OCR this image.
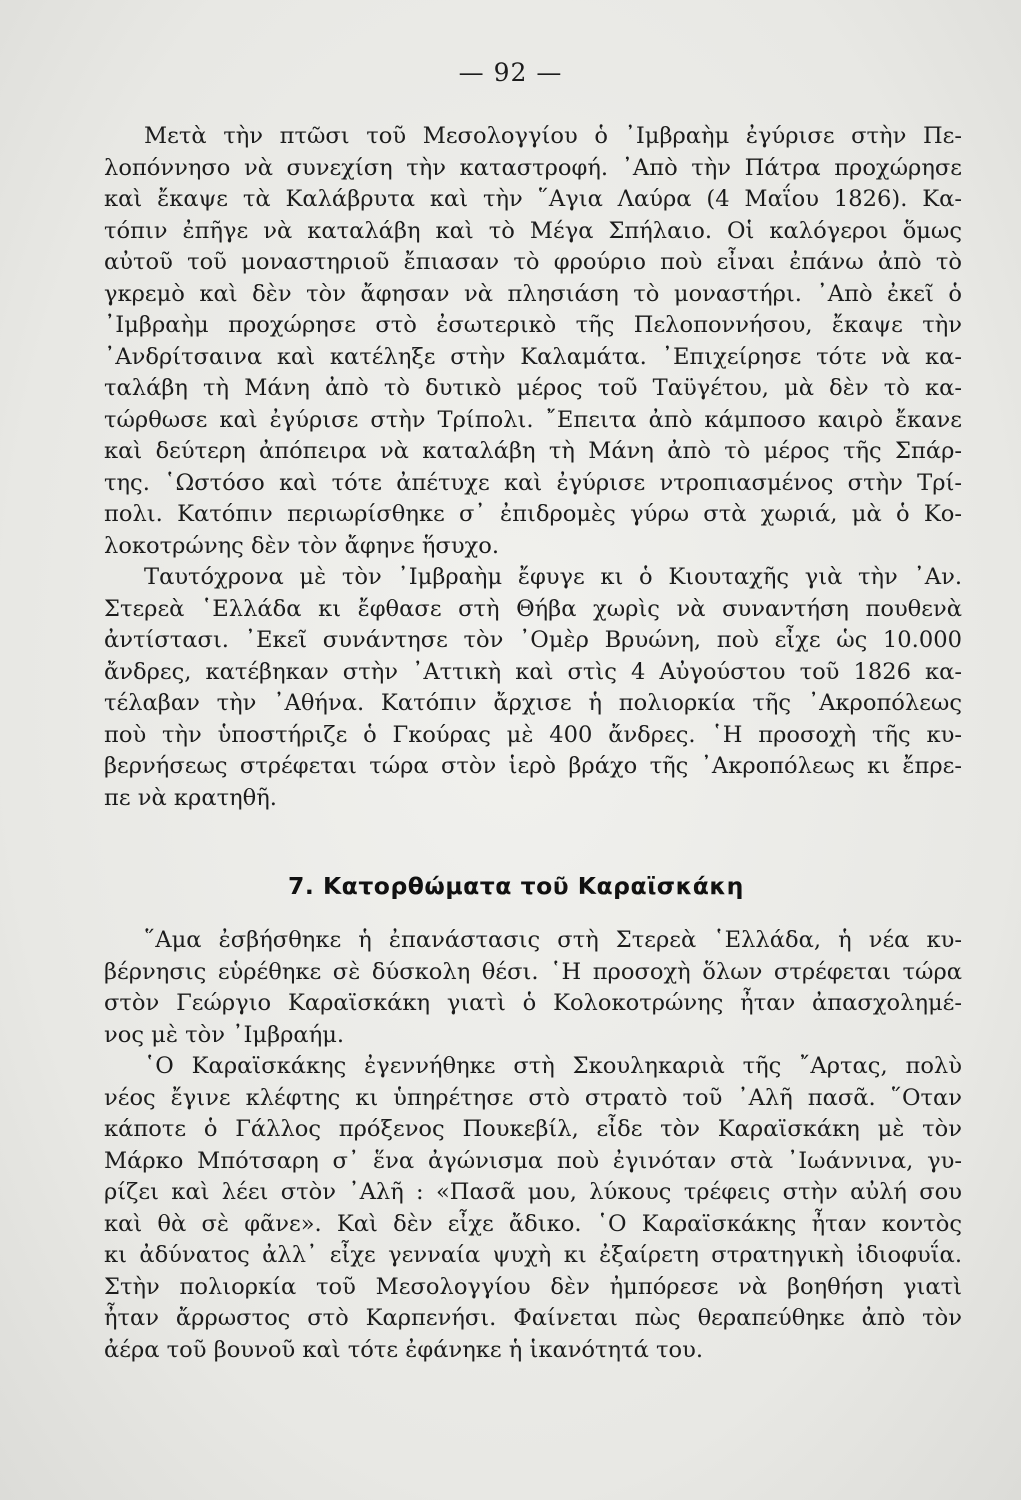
— 92 —
Μετὰ τὴν πτῶσι τοῦ Μεσολογγίου ὁ ᾿Ιμβραὴμ ἐγύρισε στὴν Πε-
λοπόννησο νὰ συνεχίση τὴν καταστροφή. ᾿Απὸ τὴν Πάτρα προχώρησε
καὶ ἔκαψε τὰ Καλάβρυτα καὶ τὴν ῞Αγια Λαύρα (4 Μαΐου 1826). Κα-
τόπιν ἐπῆγε νὰ καταλάβη καὶ τὸ Μέγα Σπήλαιο. Οἱ καλόγεροι ὅμως
αὐτοῦ τοῦ μοναστηριοῦ ἔπιασαν τὸ φρούριο ποὺ εἶναι ἐπάνω ἀπὸ τὸ
γκρεμὸ καὶ δὲν τὸν ἄφησαν νὰ πλησιάση τὸ μοναστήρι. ᾿Απὸ ἐκεῖ ὁ
᾿Ιμβραὴμ προχώρησε στὸ ἐσωτερικὸ τῆς Πελοποννήσου, ἔκαψε τὴν
᾿Ανδρίτσαινα καὶ κατέληξε στὴν Καλαμάτα. ᾿Επιχείρησε τότε νὰ κα-
ταλάβη τὴ Μάνη ἀπὸ τὸ δυτικὸ μέρος τοῦ Ταϋγέτου, μὰ δὲν τὸ κα-
τώρθωσε καὶ ἐγύρισε στὴν Τρίπολι. ῎Επειτα ἀπὸ κάμποσο καιρὸ ἔκανε
καὶ δεύτερη ἀπόπειρα νὰ καταλάβη τὴ Μάνη ἀπὸ τὸ μέρος τῆς Σπάρ-
της. ῾Ωστόσο καὶ τότε ἀπέτυχε καὶ ἐγύρισε ντροπιασμένος στὴν Τρί-
πολι. Κατόπιν περιωρίσθηκε σ᾿ ἐπιδρομὲς γύρω στὰ χωριά, μὰ ὁ Κο-
λοκοτρώνης δὲν τὸν ἄφηνε ἥσυχο.
Ταυτόχρονα μὲ τὸν ᾿Ιμβραὴμ ἔφυγε κι ὁ Κιουταχῆς γιὰ τὴν ᾿Αν.
Στερεὰ ῾Ελλάδα κι ἔφθασε στὴ Θήβα χωρὶς νὰ συναντήση πουθενὰ
ἀντίστασι. ᾿Εκεῖ συνάντησε τὸν ᾿Ομὲρ Βρυώνη, ποὺ εἶχε ὡς 10.000
ἄνδρες, κατέβηκαν στὴν ᾿Αττικὴ καὶ στὶς 4 Αὐγούστου τοῦ 1826 κα-
τέλαβαν τὴν ᾿Αθήνα. Κατόπιν ἄρχισε ἡ πολιορκία τῆς ᾿Ακροπόλεως
ποὺ τὴν ὑποστήριζε ὁ Γκούρας μὲ 400 ἄνδρες. ῾Η προσοχὴ τῆς κυ-
βερνήσεως στρέφεται τώρα στὸν ἱερὸ βράχο τῆς ᾿Ακροπόλεως κι ἔπρε-
πε νὰ κρατηθῆ.
7. Κατορθώματα τοῦ Καραϊσκάκη
῞Αμα ἐσβήσθηκε ἡ ἐπανάστασις στὴ Στερεὰ ῾Ελλάδα, ἡ νέα κυ-
βέρνησις εὑρέθηκε σὲ δύσκολη θέσι. ῾Η προσοχὴ ὅλων στρέφεται τώρα
στὸν Γεώργιο Καραϊσκάκη γιατὶ ὁ Κολοκοτρώνης ἦταν ἀπασχολημέ-
νος μὲ τὸν ᾿Ιμβραήμ.
῾Ο Καραϊσκάκης ἐγεννήθηκε στὴ Σκουληκαριὰ τῆς ῎Αρτας, πολὺ
νέος ἔγινε κλέφτης κι ὑπηρέτησε στὸ στρατὸ τοῦ ᾿Αλῆ πασᾶ. ῞Οταν
κάποτε ὁ Γάλλος πρόξενος Πουκεβίλ, εἶδε τὸν Καραϊσκάκη μὲ τὸν
Μάρκο Μπότσαρη σ᾿ ἕνα ἀγώνισμα ποὺ ἐγινόταν στὰ ᾿Ιωάννινα, γυ-
ρίζει καὶ λέει στὸν ᾿Αλῆ : «Πασᾶ μου, λύκους τρέφεις στὴν αὐλή σου
καὶ θὰ σὲ φᾶνε». Καὶ δὲν εἶχε ἄδικο. ῾Ο Καραϊσκάκης ἦταν κοντὸς
κι ἀδύνατος ἀλλ᾿ εἶχε γενναία ψυχὴ κι ἐξαίρετη στρατηγικὴ ἰδιοφυΐα.
Στὴν πολιορκία τοῦ Μεσολογγίου δὲν ἠμπόρεσε νὰ βοηθήση γιατὶ
ἦταν ἄρρωστος στὸ Καρπενήσι. Φαίνεται πὼς θεραπεύθηκε ἀπὸ τὸν
ἀέρα τοῦ βουνοῦ καὶ τότε ἐφάνηκε ἡ ἱκανότητά του.
